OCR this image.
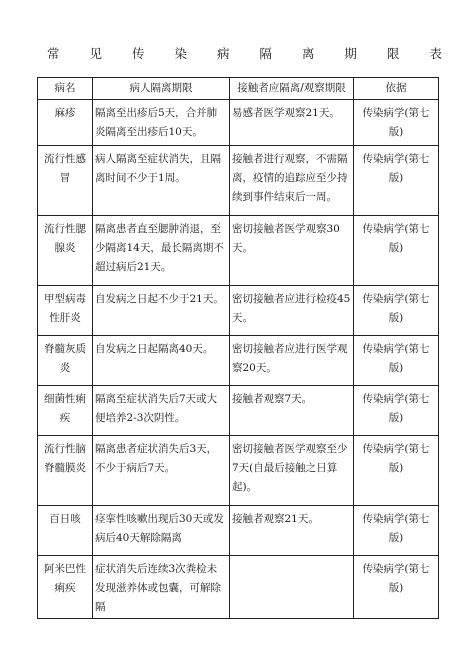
常 见 传 染 病 隔 离 期 限 表
病名	病人隔离期限	接触者应隔离/观察期限	依据
麻疹	隔离至出疹后5天，合并肺炎隔离至出疹后10天。	易感者医学观察21天。	传染病学(第七版)
流行性感冒	病人隔离至症状消失，且隔离时间不少于1周。	接触者进行观察，不需隔离，疫情的追踪应至少持续到事件结束后一周。	传染病学(第七版)
流行性腮腺炎	隔离患者直至腮肿消退，至少隔离14天，最长隔离期不超过病后21天。	密切接触者医学观察30天。	传染病学(第七版)
甲型病毒性肝炎	自发病之日起不少于21天。	密切接触者应进行检疫45天。	传染病学(第七版)
脊髓灰质炎	自发病之日起隔离40天。	密切接触者应进行医学观察20天。	传染病学(第七版)
细菌性痢疾	隔离至症状消失后7天或大便培养2-3次阴性。	接触者观察7天。	传染病学(第七版)
流行性脑脊髓膜炎	隔离患者症状消失后3天，不少于病后7天。	密切接触者医学观察至少7天(自最后接触之日算起)。	传染病学(第七版)
百日咳	痉挛性咳嗽出现后30天或发病后40天解除隔离	接触者观察21天。	传染病学(第七版)
阿米巴性痢疾	症状消失后连续3次粪检未发现滋养体或包囊，可解除隔		传染病学(第七版)
